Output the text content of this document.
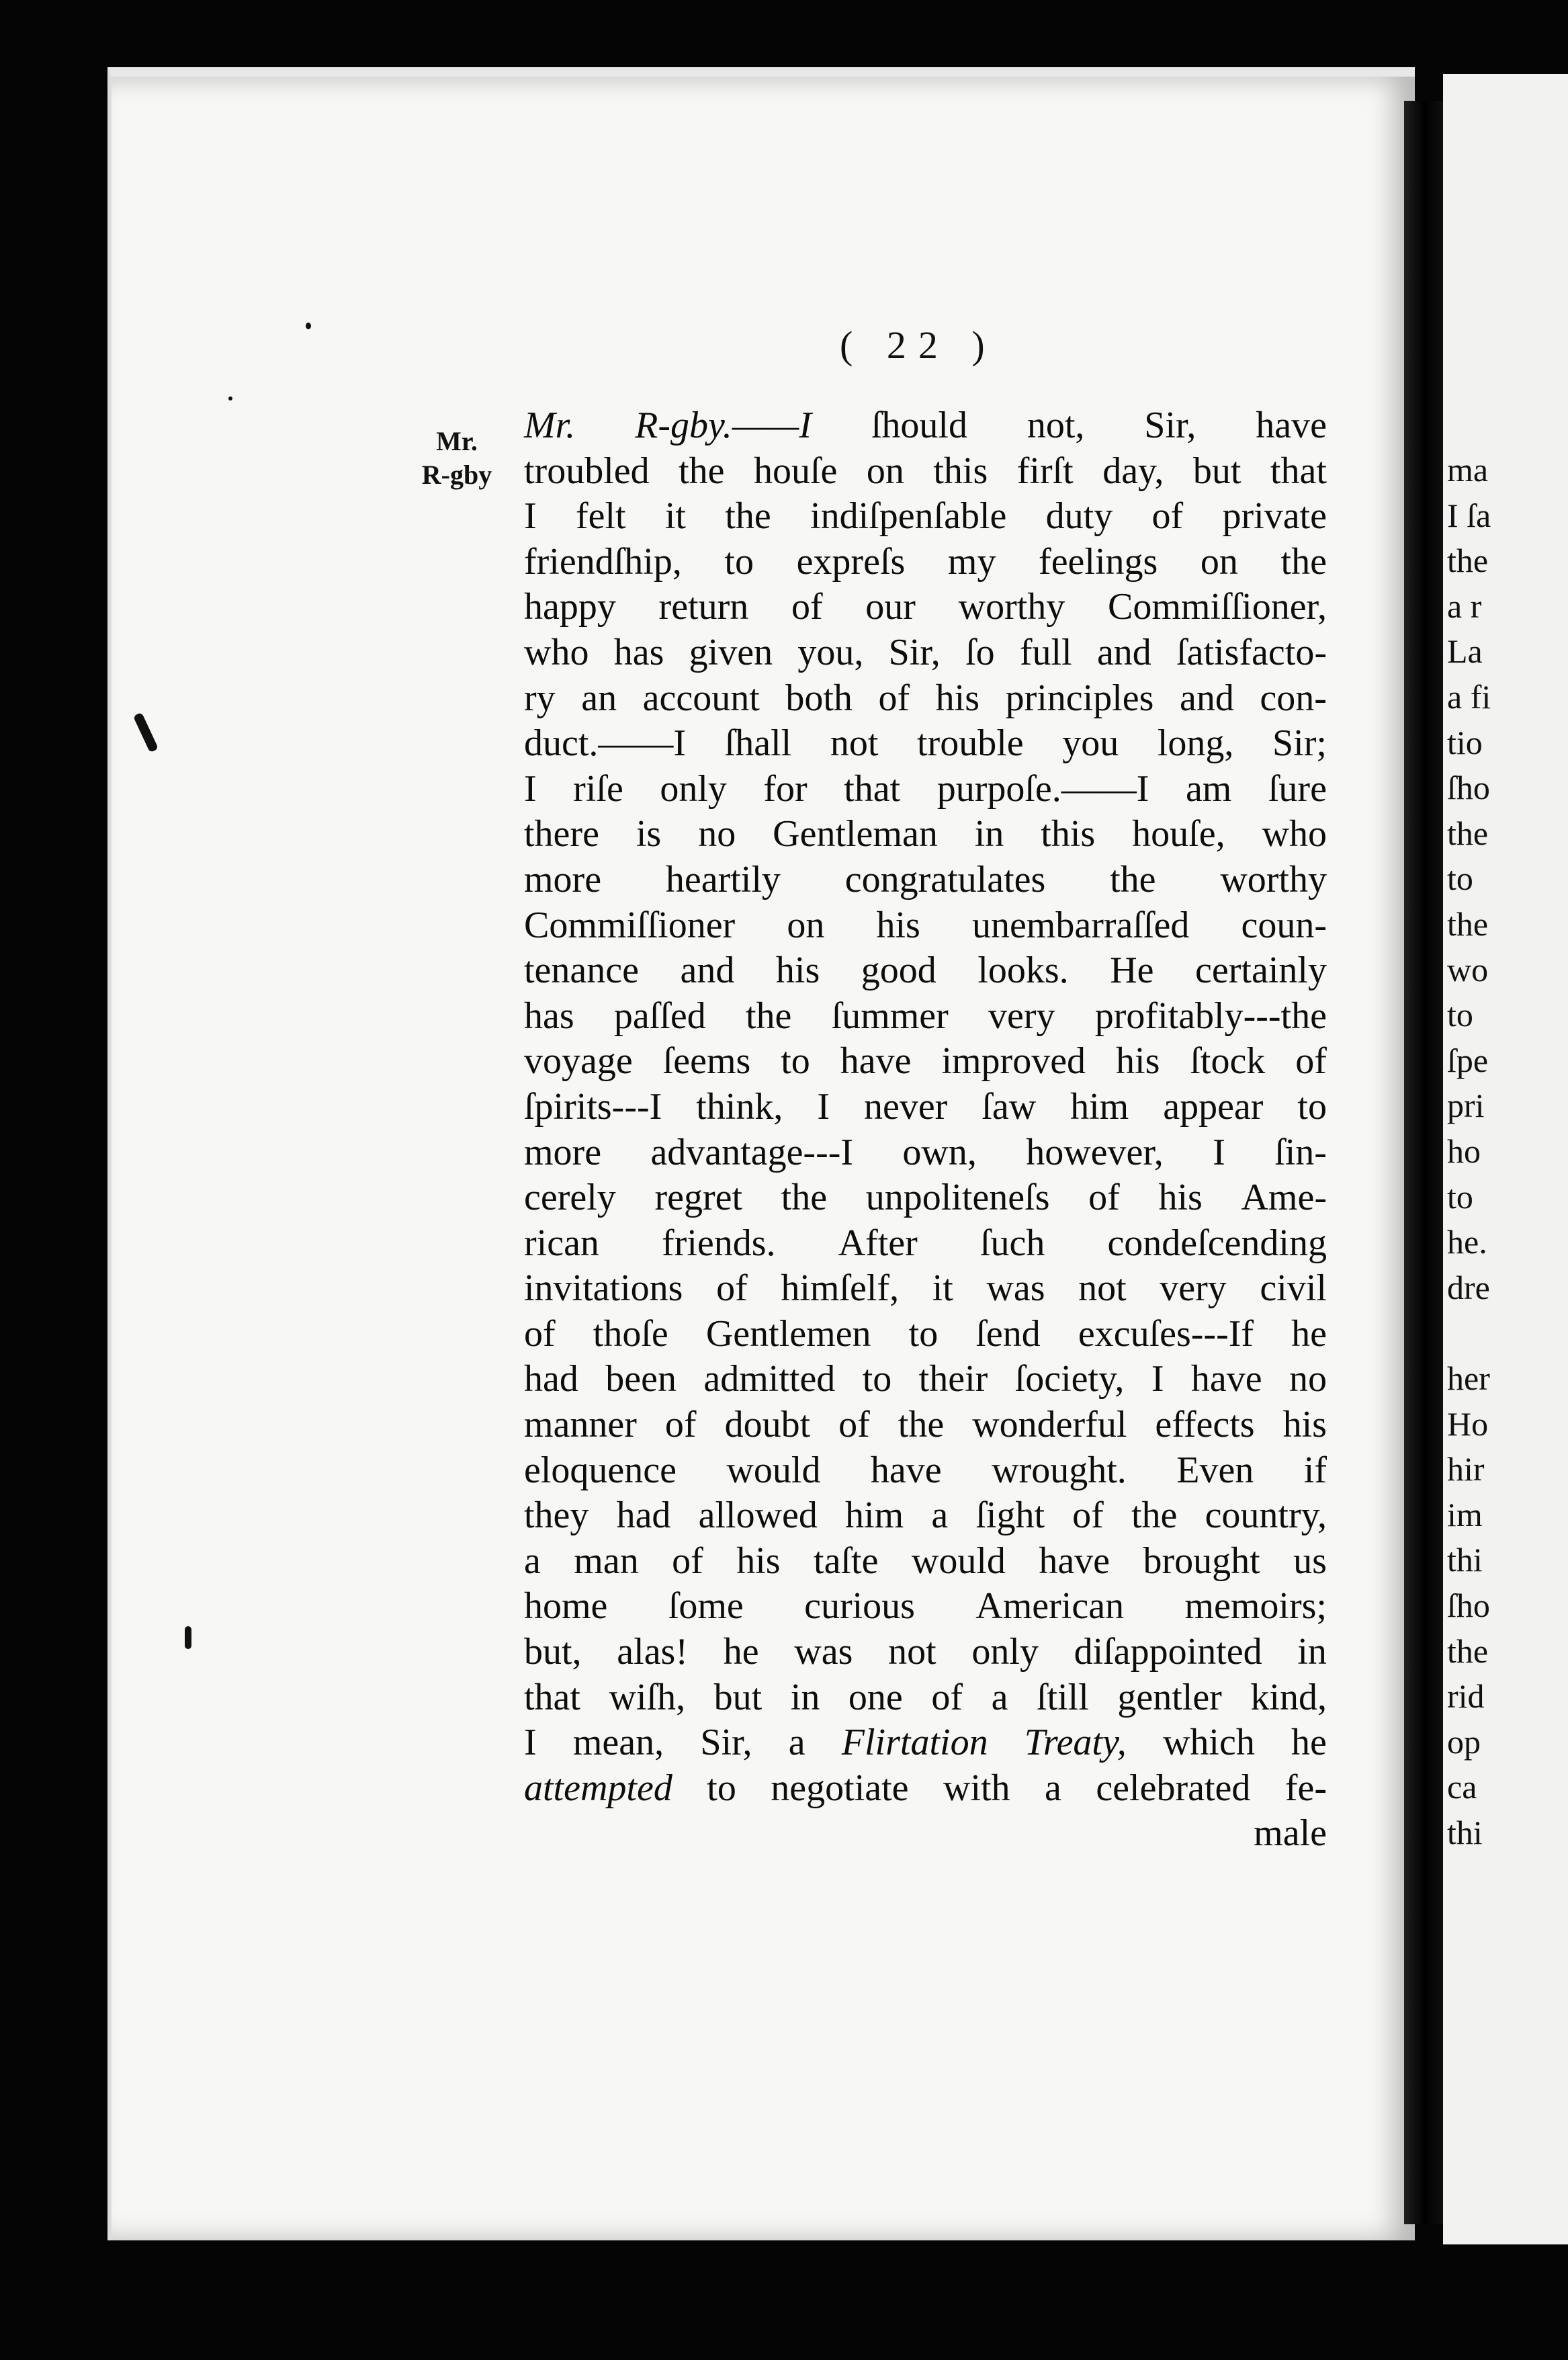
ma
I ſa
the
a r
La
a fi
tio
ſho
the
to
the
wo
to
ſpe
pri
ho
to
he.
dre
her
Ho
hir
im
thi
ſho
the
rid
op
ca
thi
( 22 )
Mr.
R-gby
Mr. R-gby.——I ſhould not, Sir, have
troubled the houſe on this firſt day, but that
I felt it the indiſpenſable duty of private
friendſhip, to expreſs my feelings on the
happy return of our worthy Commiſſioner,
who has given you, Sir, ſo full and ſatisfacto-
ry an account both of his principles and con-
duct.——I ſhall not trouble you long, Sir;
I riſe only for that purpoſe.——I am ſure
there is no Gentleman in this houſe, who
more heartily congratulates the worthy
Commiſſioner on his unembarraſſed coun-
tenance and his good looks. He certainly
has paſſed the ſummer very profitably---the
voyage ſeems to have improved his ſtock of
ſpirits---I think, I never ſaw him appear to
more advantage---I own, however, I ſin-
cerely regret the unpoliteneſs of his Ame-
rican friends. After ſuch condeſcending
invitations of himſelf, it was not very civil
of thoſe Gentlemen to ſend excuſes---If he
had been admitted to their ſociety, I have no
manner of doubt of the wonderful effects his
eloquence would have wrought. Even if
they had allowed him a ſight of the country,
a man of his taſte would have brought us
home ſome curious American memoirs;
but, alas! he was not only diſappointed in
that wiſh, but in one of a ſtill gentler kind,
I mean, Sir, a Flirtation Treaty, which he
attempted to negotiate with a celebrated fe-
male
